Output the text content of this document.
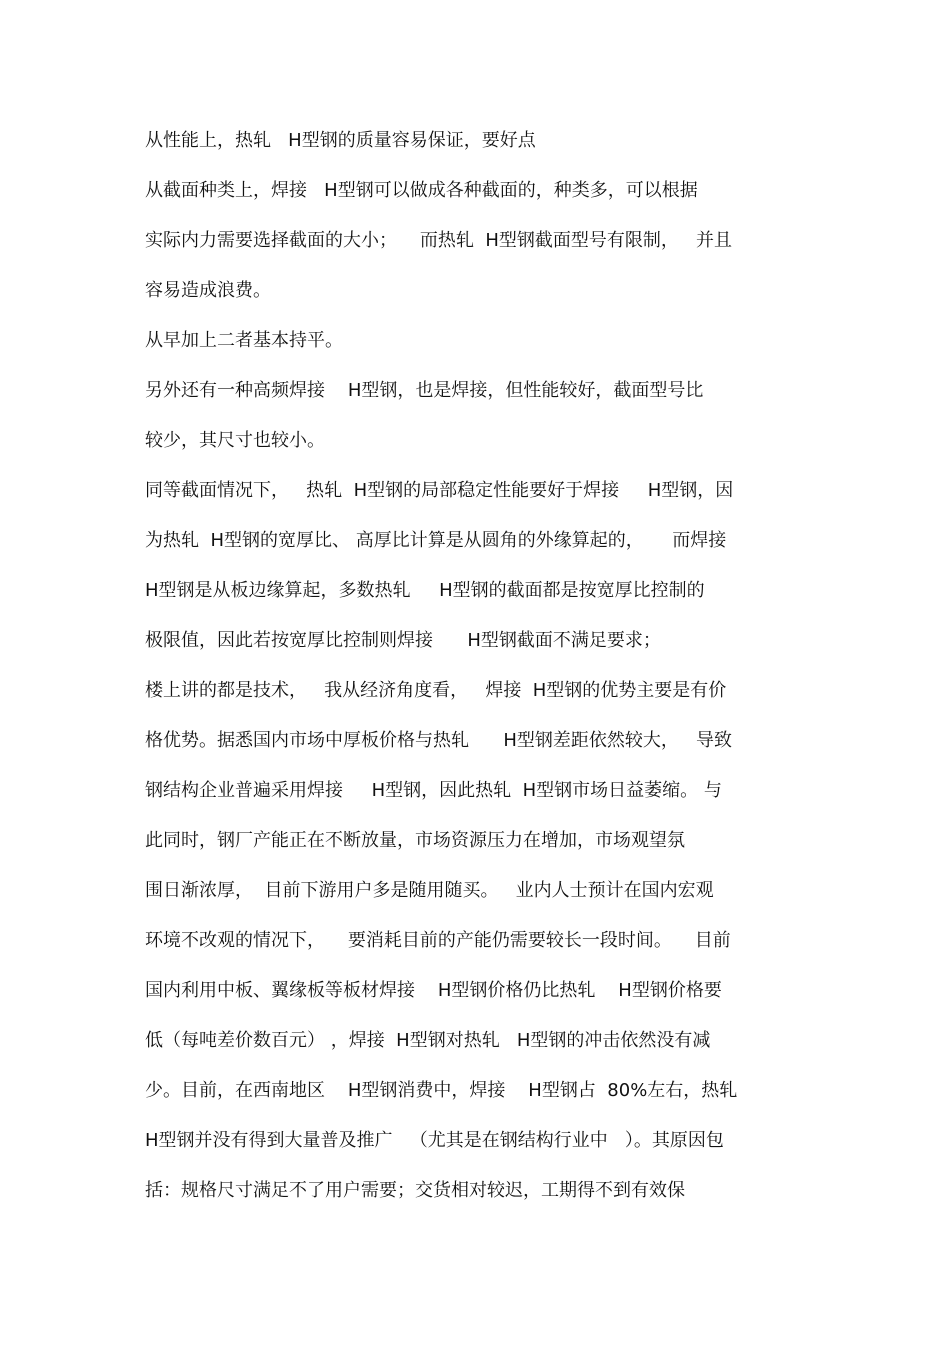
从性能上，热轧   H型钢的质量容易保证，要好点
从截面种类上，焊接   H型钢可以做成各种截面的，种类多，可以根据
实际内力需要选择截面的大小；    而热轧  H型钢截面型号有限制，   并且
容易造成浪费。
从早加上二者基本持平。
另外还有一种高频焊接    H型钢，也是焊接，但性能较好，截面型号比
较少，其尺寸也较小。
同等截面情况下，   热轧  H型钢的局部稳定性能要好于焊接     H型钢，因
为热轧  H型钢的宽厚比、 高厚比计算是从圆角的外缘算起的，     而焊接
H型钢是从板边缘算起，多数热轧     H型钢的截面都是按宽厚比控制的
极限值，因此若按宽厚比控制则焊接      H型钢截面不满足要求；
楼上讲的都是技术，   我从经济角度看，   焊接  H型钢的优势主要是有价
格优势。据悉国内市场中厚板价格与热轧      H型钢差距依然较大，   导致
钢结构企业普遍采用焊接     H型钢，因此热轧  H型钢市场日益萎缩。 与
此同时，钢厂产能正在不断放量，市场资源压力在增加，市场观望氛
围日渐浓厚，  目前下游用户多是随用随买。   业内人士预计在国内宏观
环境不改观的情况下，    要消耗目前的产能仍需要较长一段时间。    目前
国内利用中板、翼缘板等板材焊接    H型钢价格仍比热轧    H型钢价格要
低（每吨差价数百元） ，焊接  H型钢对热轧   H型钢的冲击依然没有减
少。目前，在西南地区    H型钢消费中，焊接    H型钢占  80%左右，热轧
H型钢并没有得到大量普及推广   （尤其是在钢结构行业中   ）。其原因包
括：规格尺寸满足不了用户需要；交货相对较迟，工期得不到有效保
